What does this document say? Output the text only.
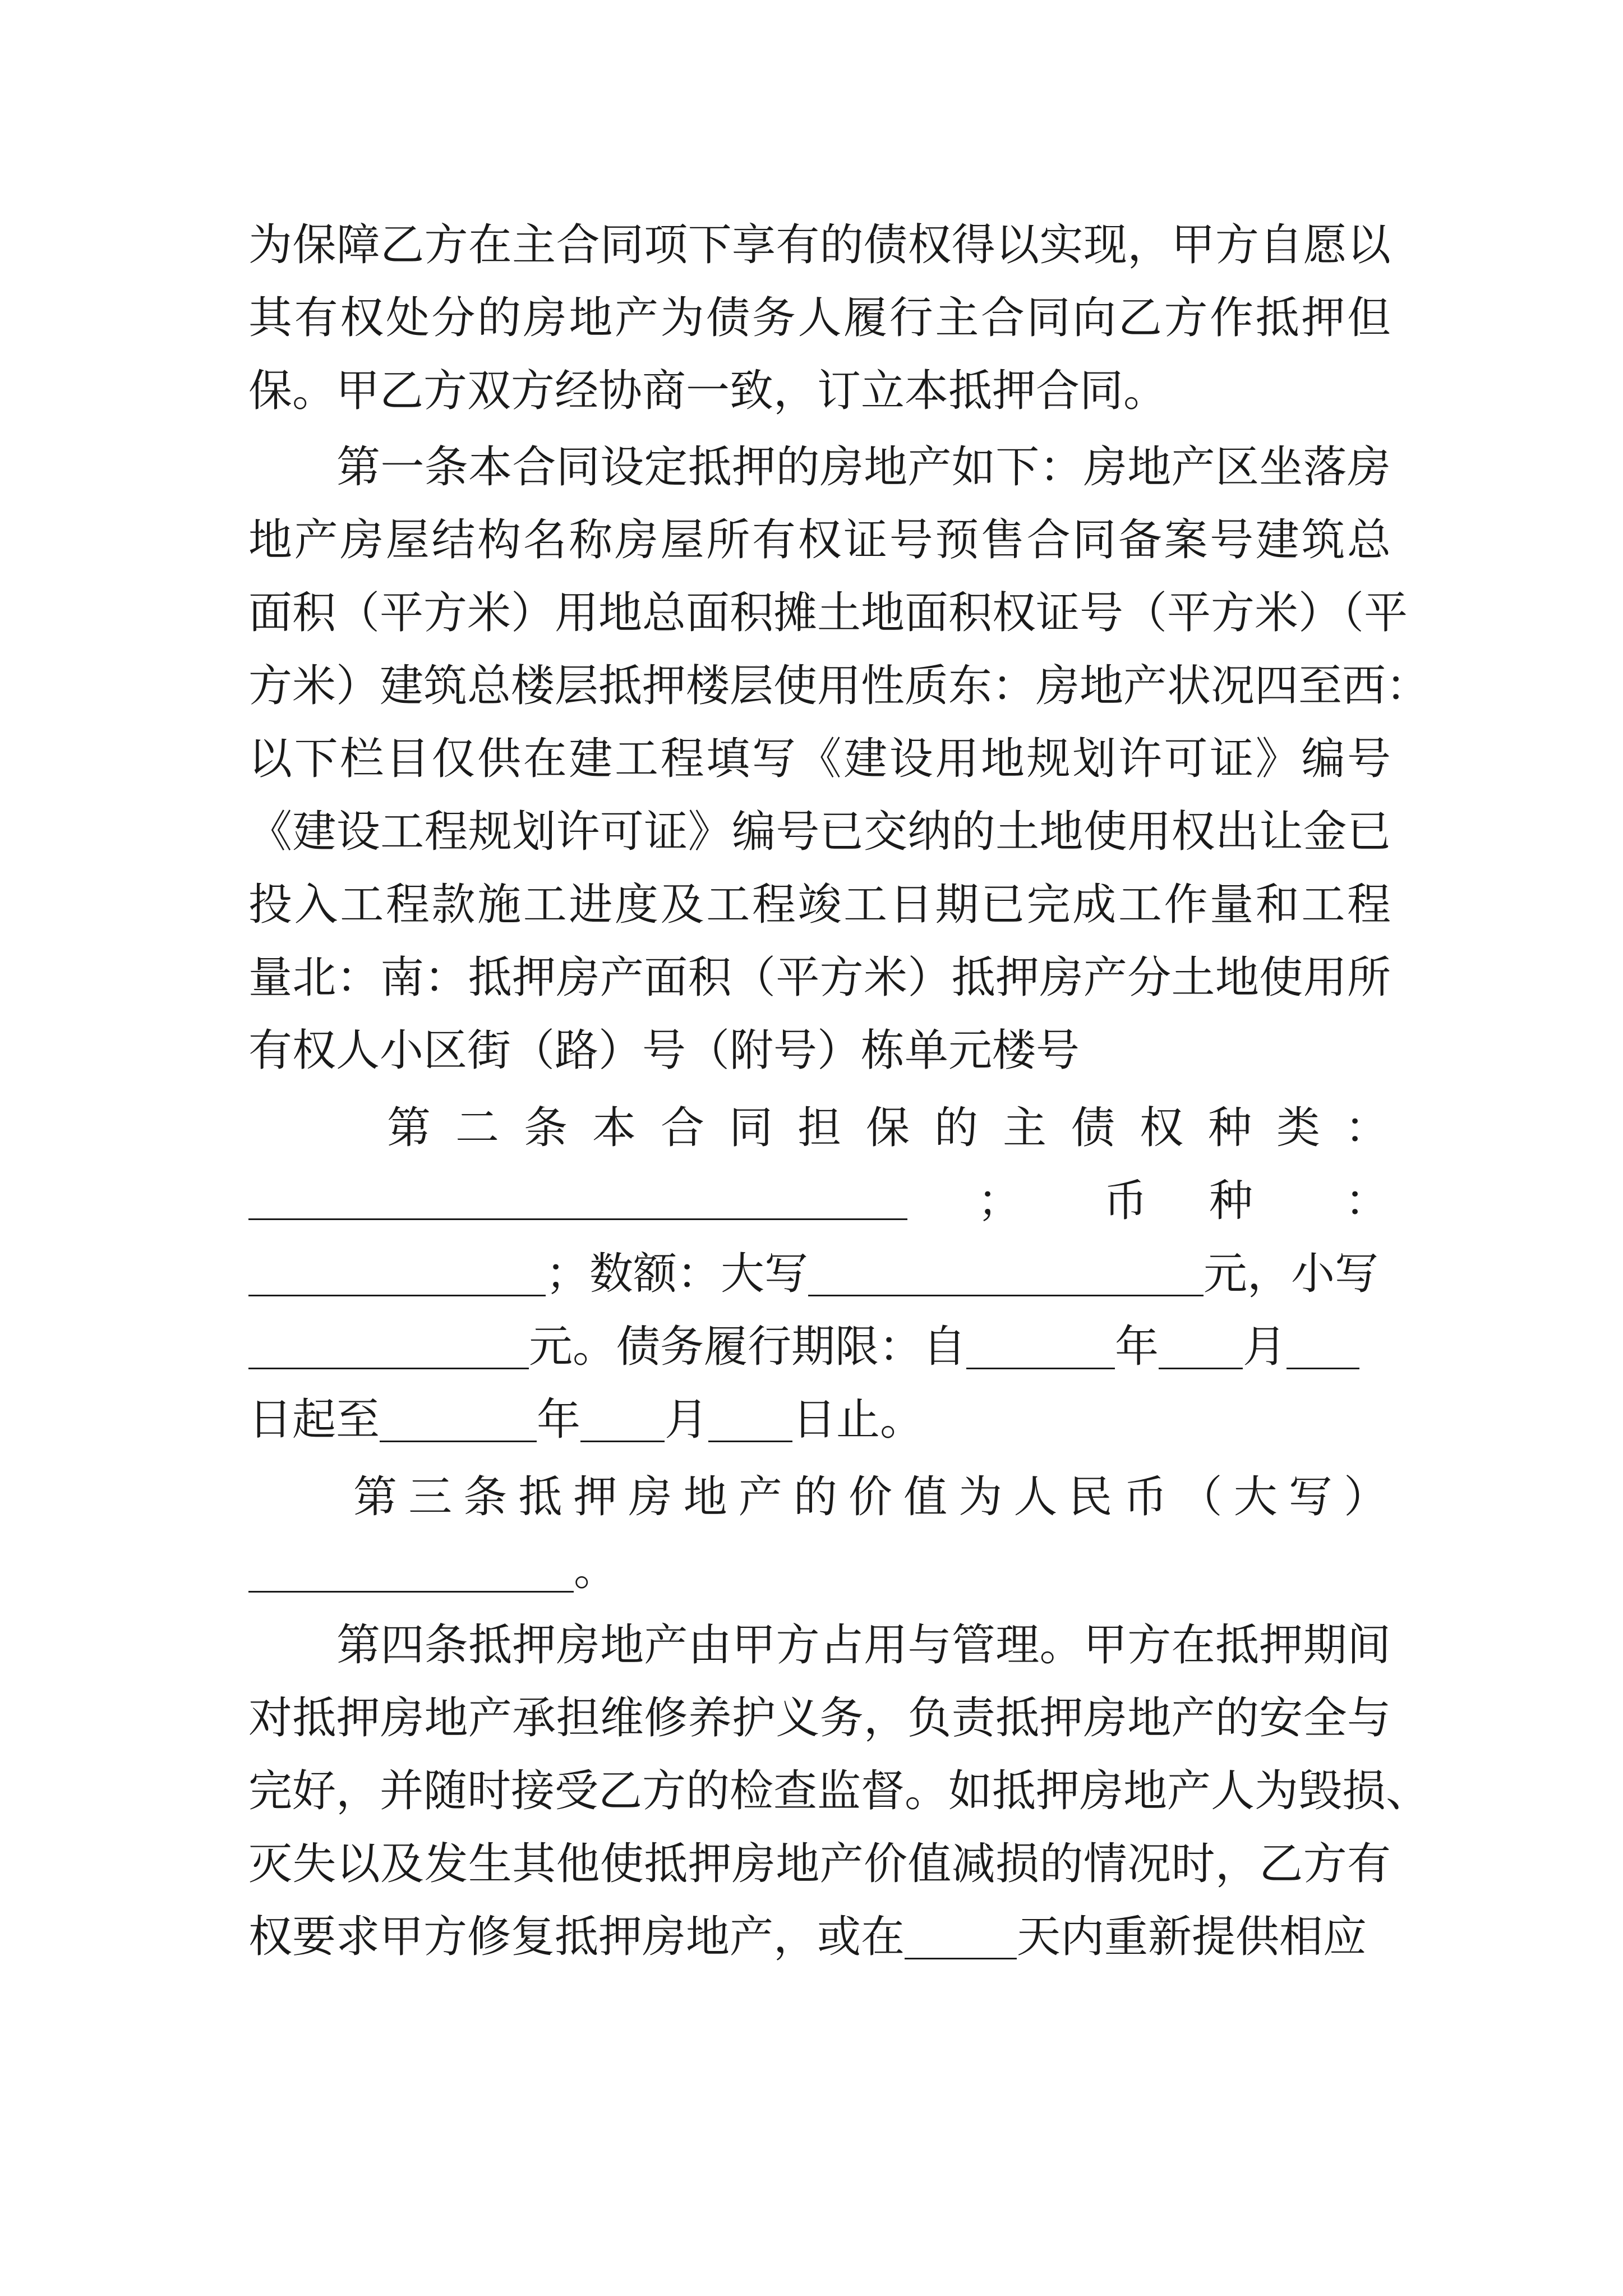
为保障乙方在主合同项下享有的债权得以实现，甲方自愿以
其有权处分的房地产为债务人履行主合同向乙方作抵押但
保。甲乙方双方经协商一致，订立本抵押合同。
第一条本合同设定抵押的房地产如下：房地产区坐落房
地产房屋结构名称房屋所有权证号预售合同备案号建筑总
面积（平方米）用地总面积摊土地面积权证号（平方米）（平
方米）建筑总楼层抵押楼层使用性质东：房地产状况四至西：
以下栏目仅供在建工程填写《建设用地规划许可证》编号
《建设工程规划许可证》编号已交纳的土地使用权出让金已
投入工程款施工进度及工程竣工日期已完成工作量和工程
量北：南：抵押房产面积（平方米）抵押房产分土地使用所
有权人小区街（路）号（附号）栋单元楼号
第二条本合同担保的主债权种类：
； 币种 ：
；数额：大写	元，小写
元。债务履行期限：自	年 月
日起至	年 月 日止。
第三条抵押房地产的价值为人民币（大写）
。
第四条抵押房地产由甲方占用与管理。甲方在抵押期间
对抵押房地产承担维修养护义务，负责抵押房地产的安全与
完好，并随时接受乙方的检查监督。如抵押房地产人为毁损、
灭失以及发生其他使抵押房地产价值减损的情况时，乙方有
权要求甲方修复抵押房地产，或在	天内重新提供相应
